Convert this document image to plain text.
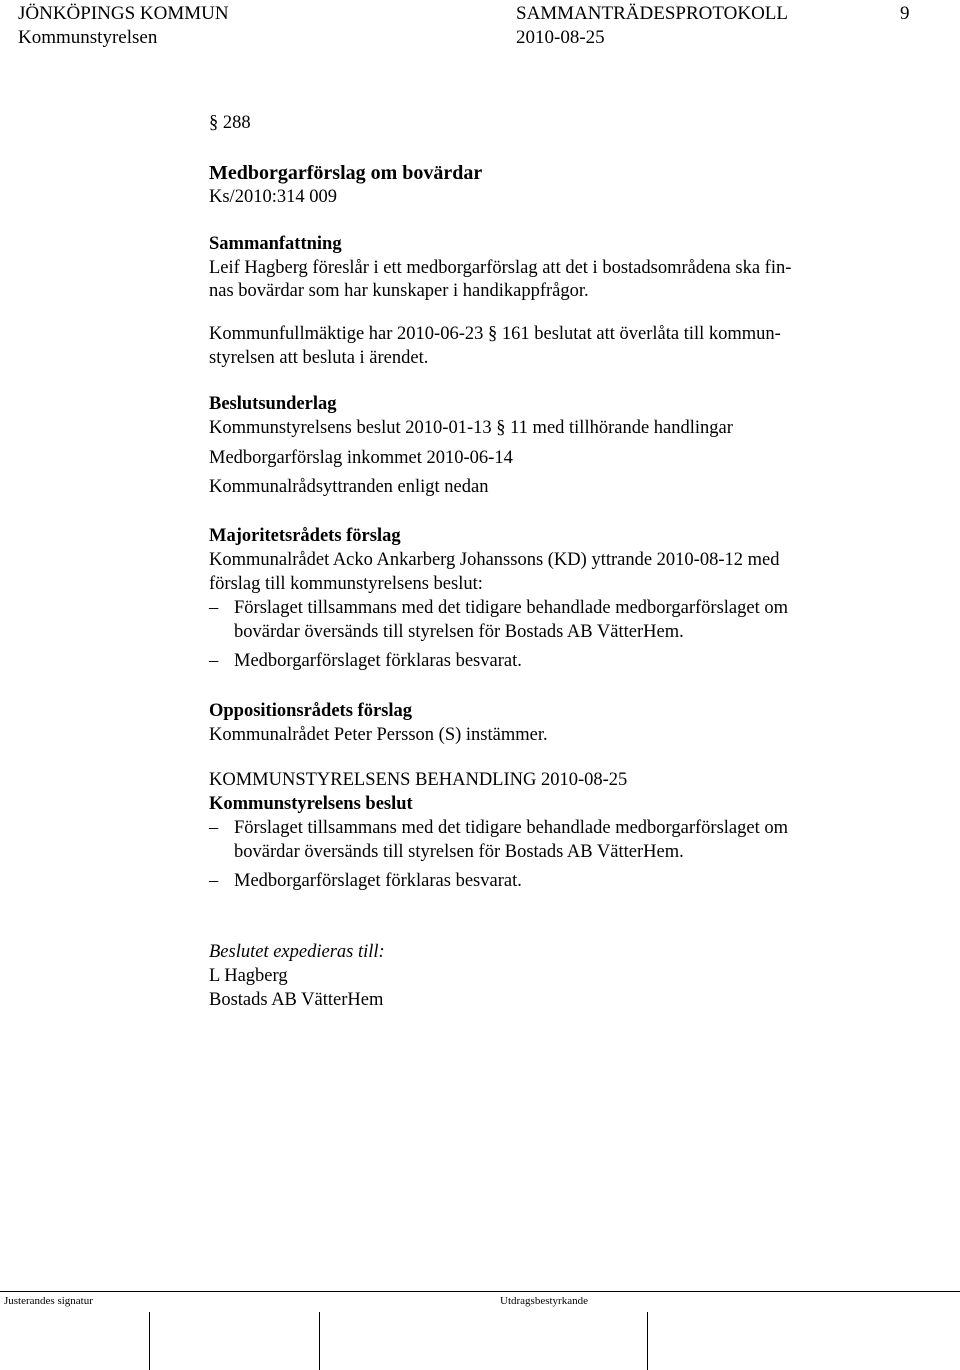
JÖNKÖPINGS KOMMUN	SAMMANTRÄDESPROTOKOLL	9
Kommunstyrelsen	2010-08-25
§ 288
Medborgarförslag om bovärdar
Ks/2010:314 009
Sammanfattning
Leif Hagberg föreslår i ett medborgarförslag att det i bostadsområdena ska fin-
nas bovärdar som har kunskaper i handikappfrågor.
Kommunfullmäktige har 2010-06-23 § 161 beslutat att överlåta till kommun-
styrelsen att besluta i ärendet.
Beslutsunderlag
Kommunstyrelsens beslut 2010-01-13 § 11 med tillhörande handlingar
Medborgarförslag inkommet 2010-06-14
Kommunalrådsyttranden enligt nedan
Majoritetsrådets förslag
Kommunalrådet Acko Ankarberg Johanssons (KD) yttrande 2010-08-12 med
förslag till kommunstyrelsens beslut:
– Förslaget tillsammans med det tidigare behandlade medborgarförslaget om
bovärdar översänds till styrelsen för Bostads AB VätterHem.
– Medborgarförslaget förklaras besvarat.
Oppositionsrådets förslag
Kommunalrådet Peter Persson (S) instämmer.
KOMMUNSTYRELSENS BEHANDLING 2010-08-25
Kommunstyrelsens beslut
– Förslaget tillsammans med det tidigare behandlade medborgarförslaget om
bovärdar översänds till styrelsen för Bostads AB VätterHem.
– Medborgarförslaget förklaras besvarat.
Beslutet expedieras till:
L Hagberg
Bostads AB VätterHem
Justerandes signatur	Utdragsbestyrkande
